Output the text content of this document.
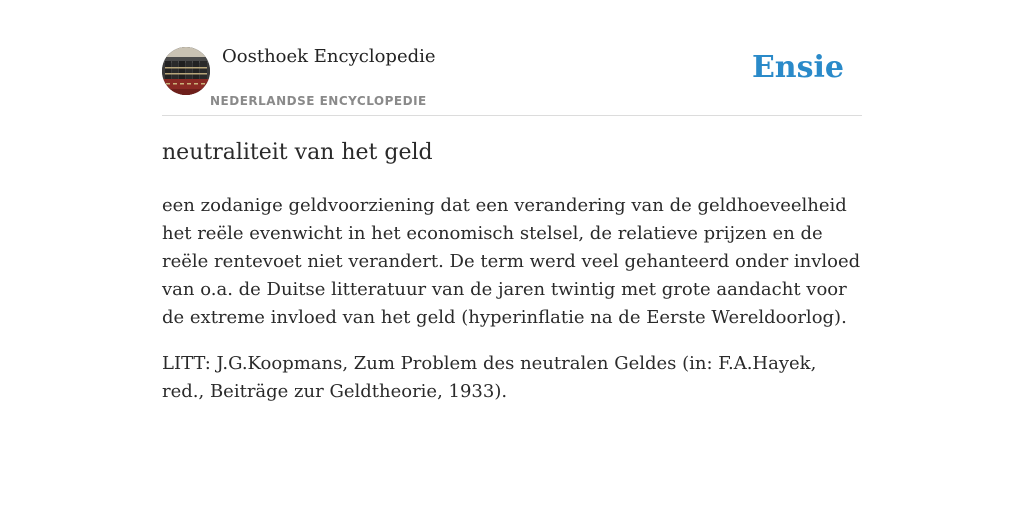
Oosthoek Encyclopedie
NEDERLANDSE ENCYCLOPEDIE
Ensie
neutraliteit van het geld

een zodanige geldvoorziening dat een verandering van de geldhoeveelheid het reële evenwicht in het economisch stelsel, de relatieve prijzen en de reële rentevoet niet verandert. De term werd veel gehanteerd onder invloed van o.a. de Duitse litteratuur van de jaren twintig met grote aandacht voor de extreme invloed van het geld (hyperinflatie na de Eerste Wereldoorlog).

LITT: J.G.Koopmans, Zum Problem des neutralen Geldes (in: F.A.Hayek, red., Beiträge zur Geldtheorie, 1933).
